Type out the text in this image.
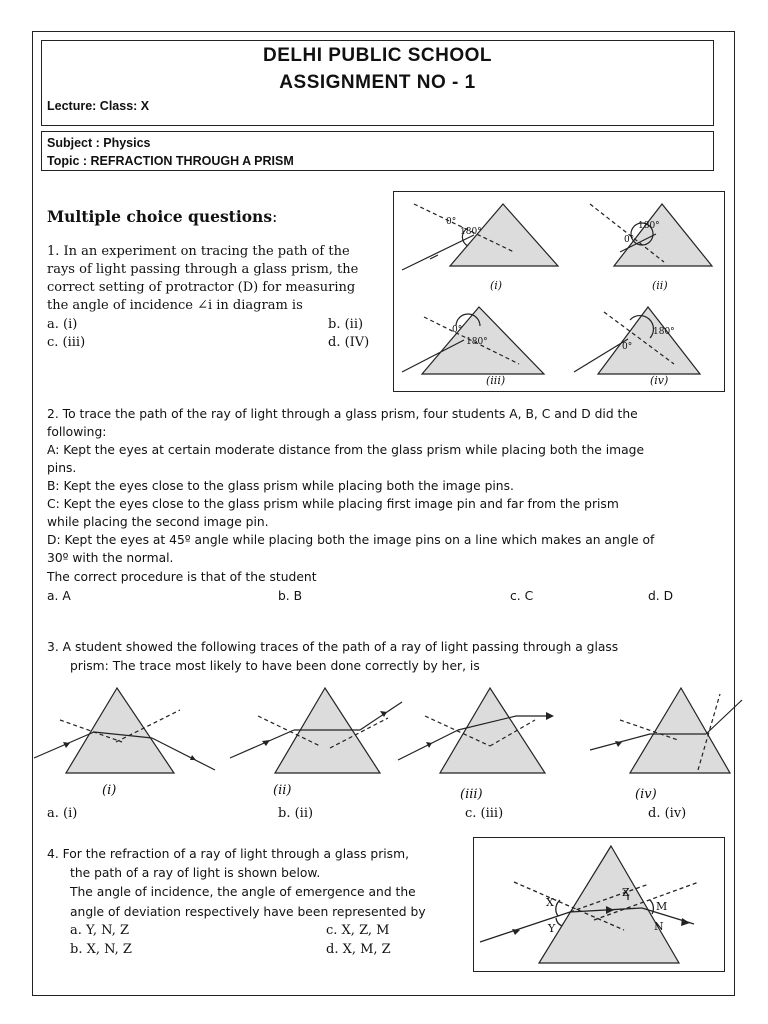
DELHI PUBLIC SCHOOL
ASSIGNMENT NO - 1
Lecture: Class: X
Subject : Physics
Topic : REFRACTION THROUGH A PRISM
Multiple choice questions:
1. In an experiment on tracing the path of the
rays of light passing through a glass prism, the
correct setting of protractor (D) for measuring
the angle of incidence ∠i in diagram is
a. (i)	b. (ii)
c. (iii)	d. (IV)
0°
180°
0°
180°
0°
180°	0°
180°
(i)	(ii)
(iii)	(iv)
2. To trace the path of the ray of light through a glass prism, four students A, B, C and D did the
following:
A: Kept the eyes at certain moderate distance from the glass prism while placing both the image
pins.
B: Kept the eyes close to the glass prism while placing both the image pins.
C: Kept the eyes close to the glass prism while placing first image pin and far from the prism
while placing the second image pin.
D: Kept the eyes at 45º angle while placing both the image pins on a line which makes an angle of
30º with the normal.
The correct procedure is that of the student
a. A	b. B	c. C	d. D
3. A student showed the following traces of the path of a ray of light passing through a glass
prism: The trace most likely to have been done correctly by her, is
(i)	(ii)	(iii)	(iv)
a. (i)	b. (ii)	c. (iii)	d. (iv)
4. For the refraction of a ray of light through a glass prism,
the path of a ray of light is shown below.
The angle of incidence, the angle of emergence and the
angle of deviation respectively have been represented by
a. Y, N, Z	c. X, Z, M
b. X, N, Z	d. X, M, Z
X
Y
Z
M
N
